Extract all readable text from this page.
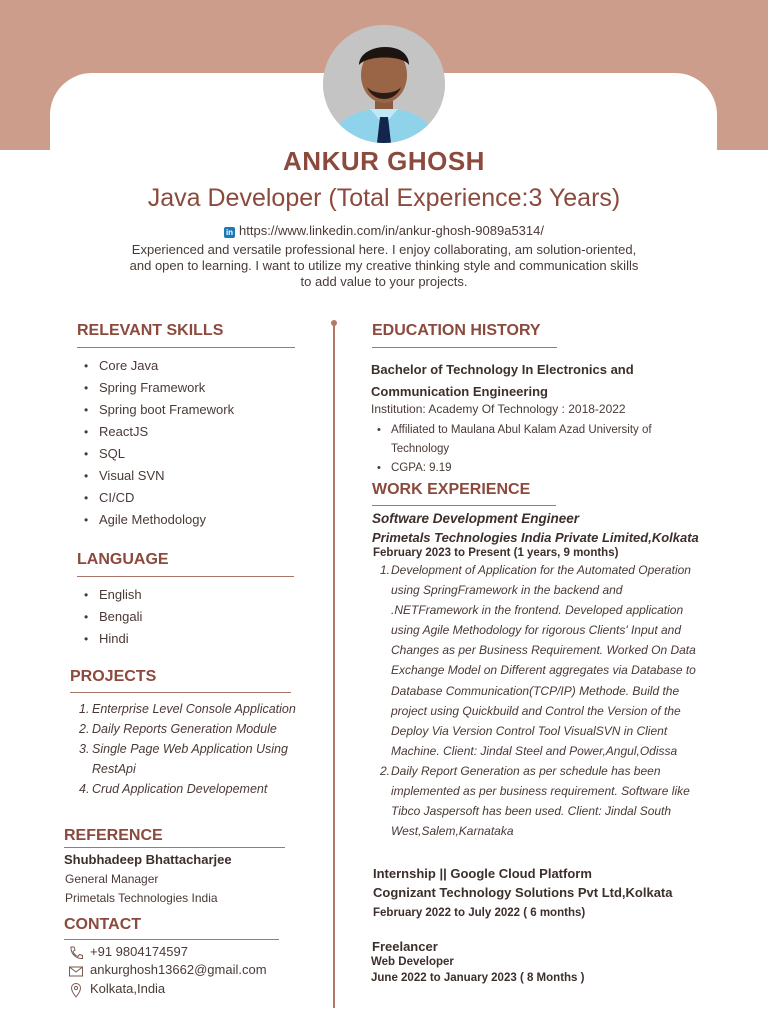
ANKUR GHOSH
Java Developer (Total Experience:3 Years)
in https://www.linkedin.com/in/ankur-ghosh-9089a5314/
Experienced and versatile professional here. I enjoy collaborating, am solution-oriented, and open to learning. I want to utilize my creative thinking style and communication skills to add value to your projects.
RELEVANT SKILLS
• Core Java
• Spring Framework
• Spring boot Framework
• ReactJS
• SQL
• Visual SVN
• CI/CD
• Agile Methodology
LANGUAGE
• English
• Bengali
• Hindi
PROJECTS
1. Enterprise Level Console Application
2. Daily Reports Generation Module
3. Single Page Web Application Using RestApi
4. Crud Application Developement
REFERENCE
Shubhadeep Bhattacharjee
General Manager
Primetals Technologies India
CONTACT
+91 9804174597
ankurghosh13662@gmail.com
Kolkata,India
EDUCATION HISTORY
Bachelor of Technology In Electronics and Communication Engineering
Institution: Academy Of Technology : 2018-2022
• Affiliated to Maulana Abul Kalam Azad University of Technology
• CGPA: 9.19
WORK EXPERIENCE
Software Development Engineer
Primetals Technologies India Private Limited,Kolkata
February 2023 to Present (1 years, 9 months)
1. Development of Application for the Automated Operation using SpringFramework in the backend and .NETFramework in the frontend. Developed application using Agile Methodology for rigorous Clients' Input and Changes as per Business Requirement. Worked On Data Exchange Model on Different aggregates via Database to Database Communication(TCP/IP) Methode. Build the project using Quickbuild and Control the Version of the Deploy Via Version Control Tool VisualSVN in Client Machine. Client: Jindal Steel and Power,Angul,Odissa
2. Daily Report Generation as per schedule has been implemented as per business requirement. Software like Tibco Jaspersoft has been used. Client: Jindal South West,Salem,Karnataka
Internship || Google Cloud Platform
Cognizant Technology Solutions Pvt Ltd,Kolkata
February 2022 to July 2022 ( 6 months)
Freelancer
Web Developer
June 2022 to January 2023 ( 8 Months )
